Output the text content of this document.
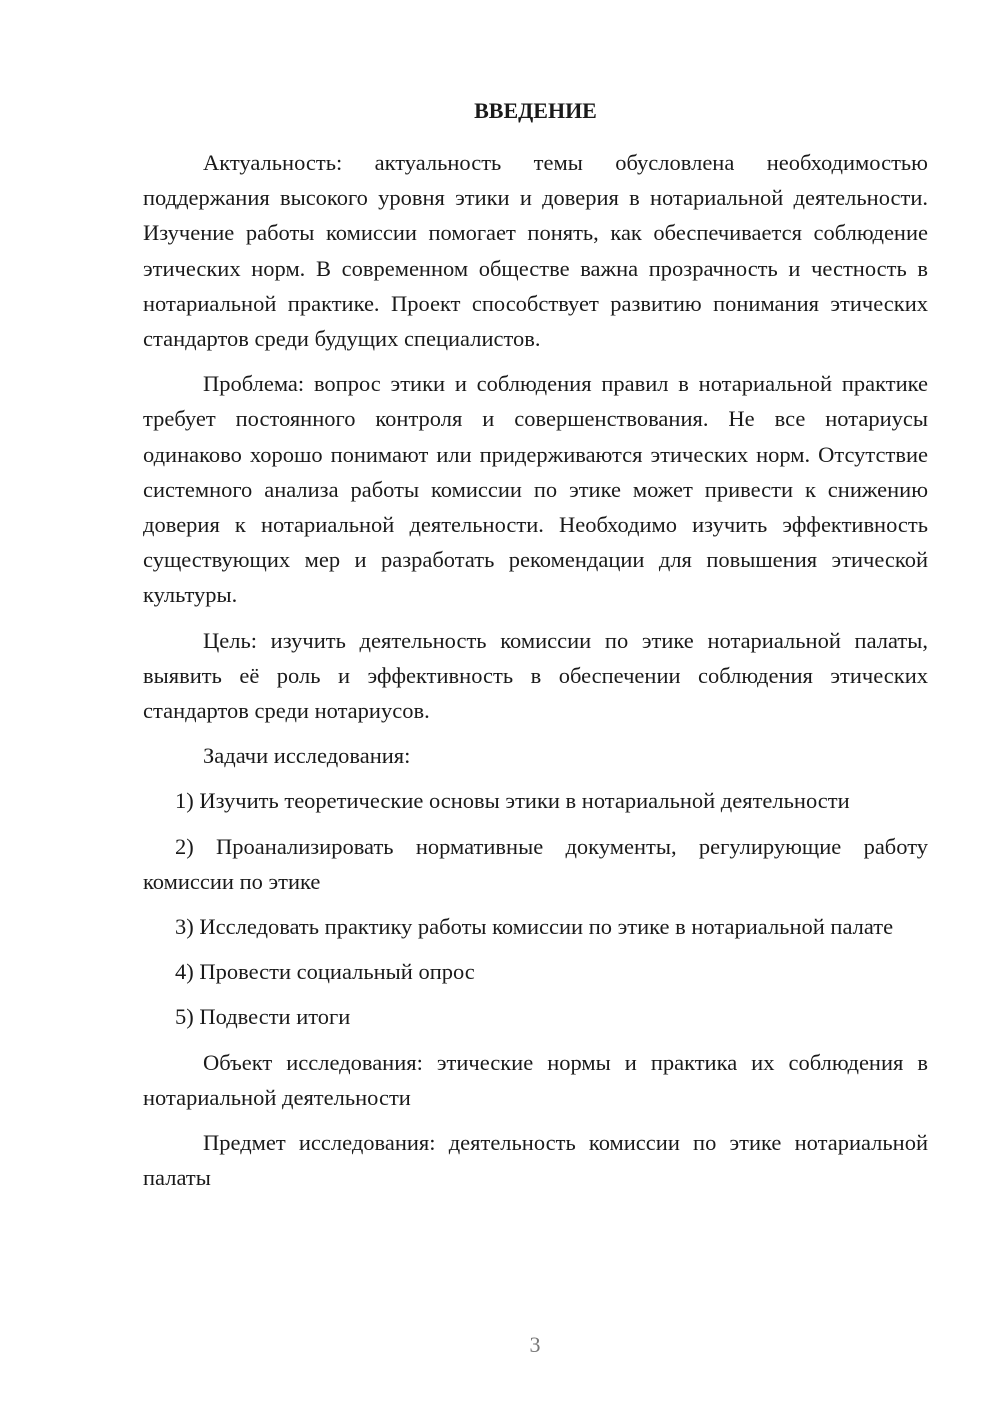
ВВЕДЕНИЕ

Актуальность: актуальность темы обусловлена необходимостью поддержания высокого уровня этики и доверия в нотариальной деятельности. Изучение работы комиссии помогает понять, как обеспечивается соблюдение этических норм. В современном обществе важна прозрачность и честность в нотариальной практике. Проект способствует развитию понимания этических стандартов среди будущих специалистов.

Проблема: вопрос этики и соблюдения правил в нотариальной практике требует постоянного контроля и совершенствования. Не все нотариусы одинаково хорошо понимают или придерживаются этических норм. Отсутствие системного анализа работы комиссии по этике может привести к снижению доверия к нотариальной деятельности. Необходимо изучить эффективность существующих мер и разработать рекомендации для повышения этической культуры.

Цель: изучить деятельность комиссии по этике нотариальной палаты, выявить её роль и эффективность в обеспечении соблюдения этических стандартов среди нотариусов.

Задачи исследования:

1) Изучить теоретические основы этики в нотариальной деятельности

2) Проанализировать нормативные документы, регулирующие работу комиссии по этике

3) Исследовать практику работы комиссии по этике в нотариальной палате

4) Провести социальный опрос

5) Подвести итоги

Объект исследования: этические нормы и практика их соблюдения в нотариальной деятельности

Предмет исследования: деятельность комиссии по этике нотариальной палаты

3
